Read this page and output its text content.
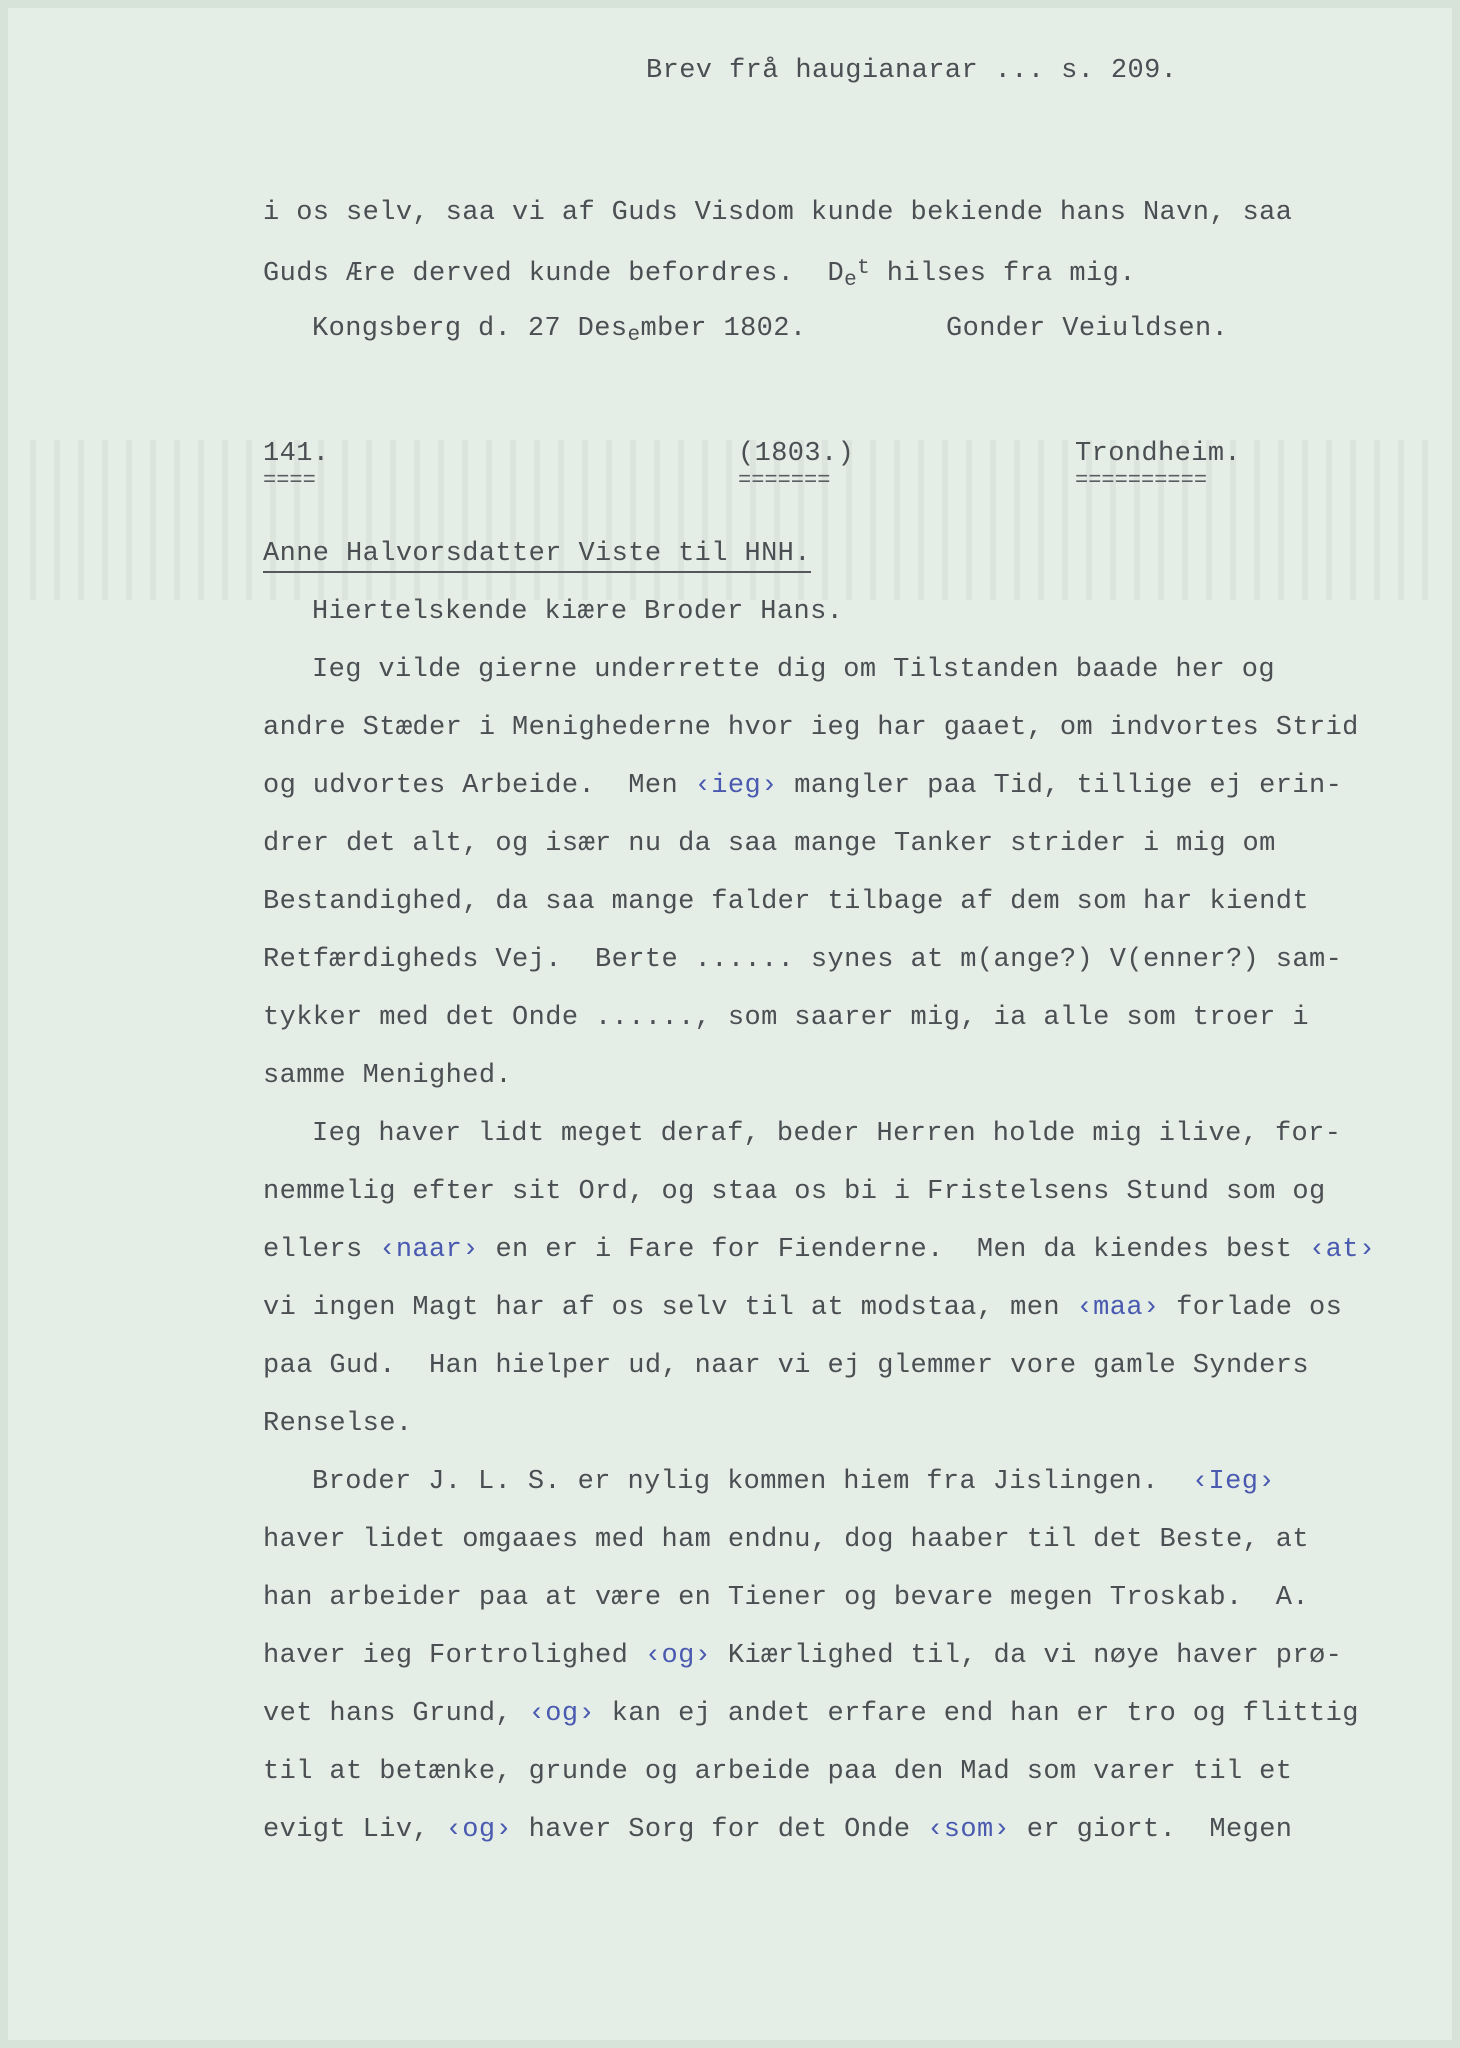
Brev frå haugianarar ... s. 209.
i os selv, saa vi af Guds Visdom kunde bekiende hans Navn, saa
Guds Ære derved kunde befordres. $D_e^t$ hilses fra mig.
Kongsberg d. 27 Des$_e$mber 1802.	Gonder Veiuldsen.
141.
====
(1803.)
=======
Trondheim.
==========
Anne Halvorsdatter Viste til HNH.
Hiertelskende kiære Broder Hans.
Ieg vilde gierne underrette dig om Tilstanden baade her og
andre Stæder i Menighederne hvor ieg har gaaet, om indvortes Strid
og udvortes Arbeide.  Men ‹ieg› mangler paa Tid, tillige ej erin-
drer det alt, og især nu da saa mange Tanker strider i mig om
Bestandighed, da saa mange falder tilbage af dem som har kiendt
Retfærdigheds Vej.  Berte ...... synes at m(ange?) V(enner?) sam-
tykker med det Onde ......, som saarer mig, ia alle som troer i
samme Menighed.
Ieg haver lidt meget deraf, beder Herren holde mig ilive, for-
nemmelig efter sit Ord, og staa os bi i Fristelsens Stund som og
ellers ‹naar› en er i Fare for Fienderne.  Men da kiendes best ‹at›
vi ingen Magt har af os selv til at modstaa, men ‹maa› forlade os
paa Gud.  Han hielper ud, naar vi ej glemmer vore gamle Synders
Renselse.
Broder J. L. S. er nylig kommen hiem fra Jislingen.  ‹Ieg›
haver lidet omgaaes med ham endnu, dog haaber til det Beste, at
han arbeider paa at være en Tiener og bevare megen Troskab.  A.
haver ieg Fortrolighed ‹og› Kiærlighed til, da vi nøye haver prø-
vet hans Grund, ‹og› kan ej andet erfare end han er tro og flittig
til at betænke, grunde og arbeide paa den Mad som varer til et
evigt Liv, ‹og› haver Sorg for det Onde ‹som› er giort.  Megen
